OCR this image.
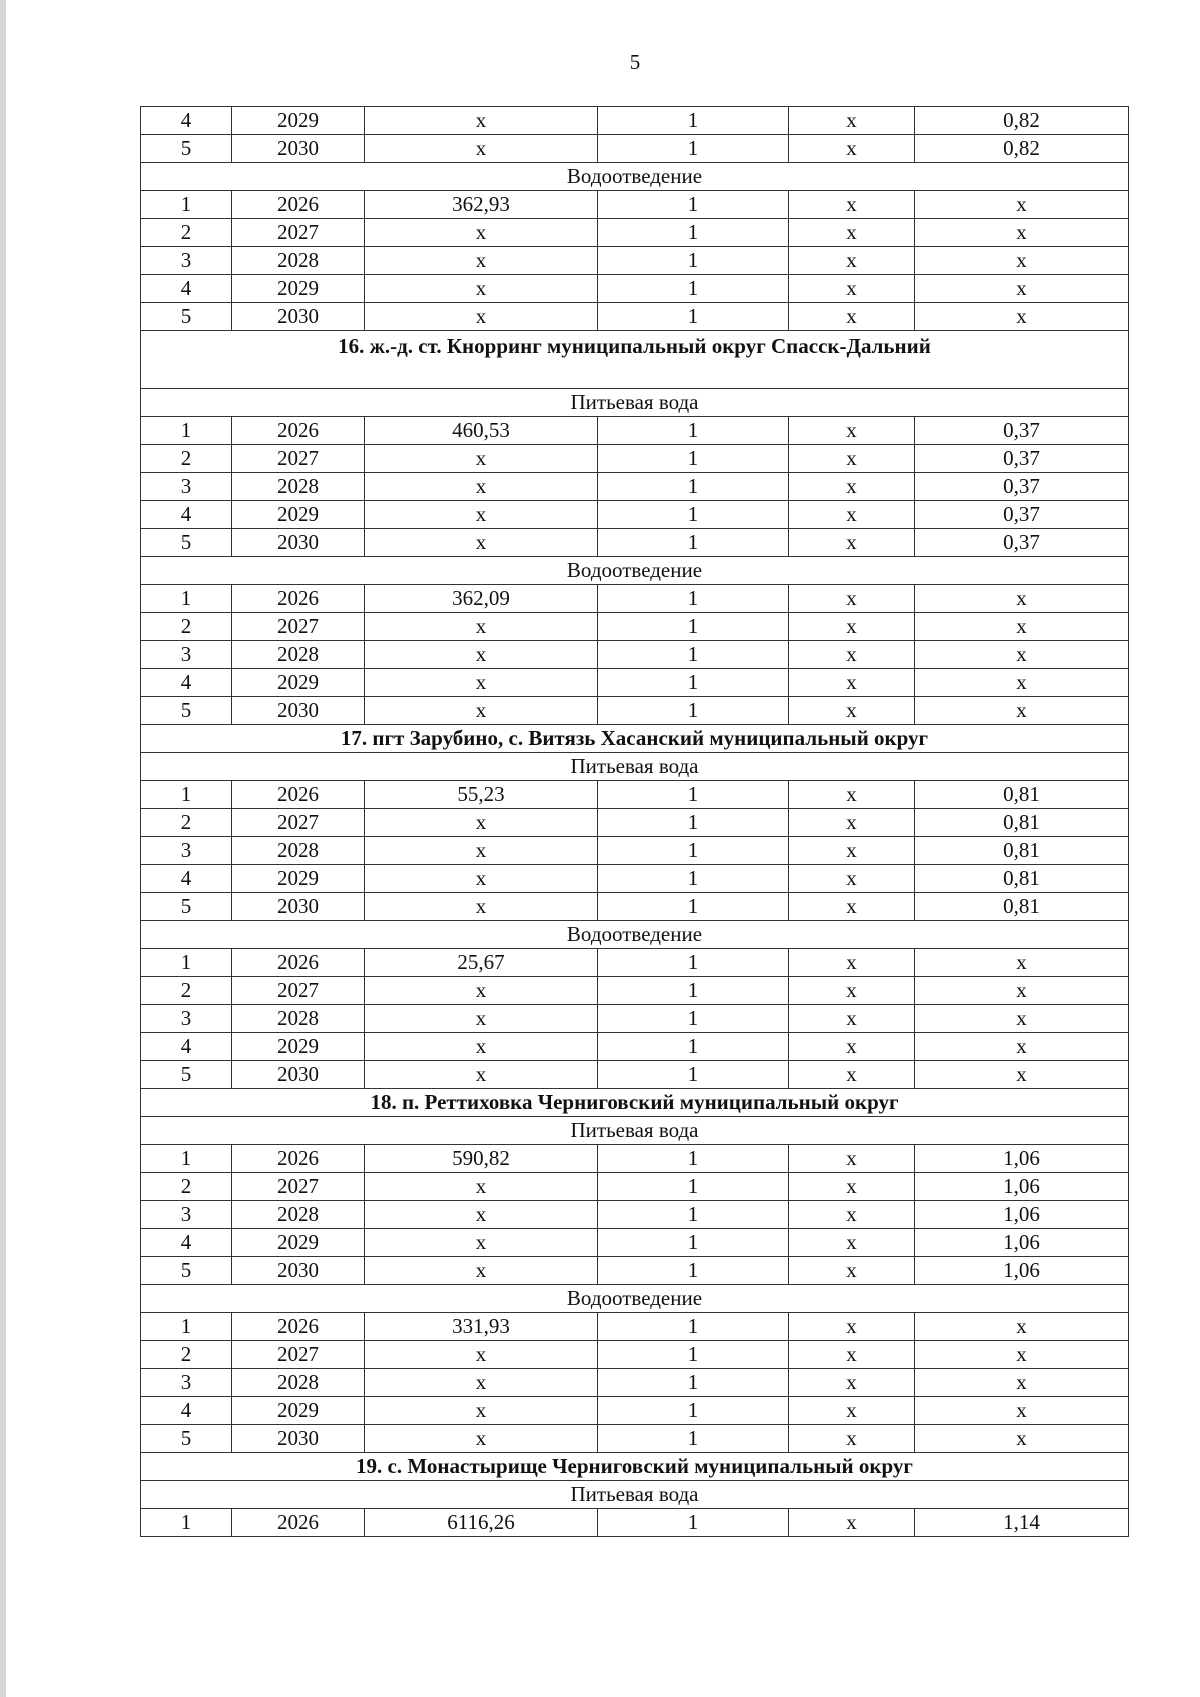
5
4	2029	х	1	х	0,82
5	2030	х	1	х	0,82
Водоотведение					
1	2026	362,93	1	х	х
2	2027	х	1	х	х
3	2028	х	1	х	х
4	2029	х	1	х	х
5	2030	х	1	х	х
16. ж.-д. ст. Кнорринг муниципальный округ Спасск-Дальний					
Питьевая вода					
1	2026	460,53	1	х	0,37
2	2027	х	1	х	0,37
3	2028	х	1	х	0,37
4	2029	х	1	х	0,37
5	2030	х	1	х	0,37
Водоотведение					
1	2026	362,09	1	х	х
2	2027	х	1	х	х
3	2028	х	1	х	х
4	2029	х	1	х	х
5	2030	х	1	х	х
17. пгт Зарубино, с. Витязь Хасанский муниципальный округ					
Питьевая вода					
1	2026	55,23	1	х	0,81
2	2027	х	1	х	0,81
3	2028	х	1	х	0,81
4	2029	х	1	х	0,81
5	2030	х	1	х	0,81
Водоотведение					
1	2026	25,67	1	х	х
2	2027	х	1	х	х
3	2028	х	1	х	х
4	2029	х	1	х	х
5	2030	х	1	х	х
18. п. Реттиховка Черниговский муниципальный округ					
Питьевая вода					
1	2026	590,82	1	х	1,06
2	2027	х	1	х	1,06
3	2028	х	1	х	1,06
4	2029	х	1	х	1,06
5	2030	х	1	х	1,06
Водоотведение					
1	2026	331,93	1	х	х
2	2027	х	1	х	х
3	2028	х	1	х	х
4	2029	х	1	х	х
5	2030	х	1	х	х
19. с. Монастырище Черниговский муниципальный округ					
Питьевая вода					
1	2026	6116,26	1	х	1,14
